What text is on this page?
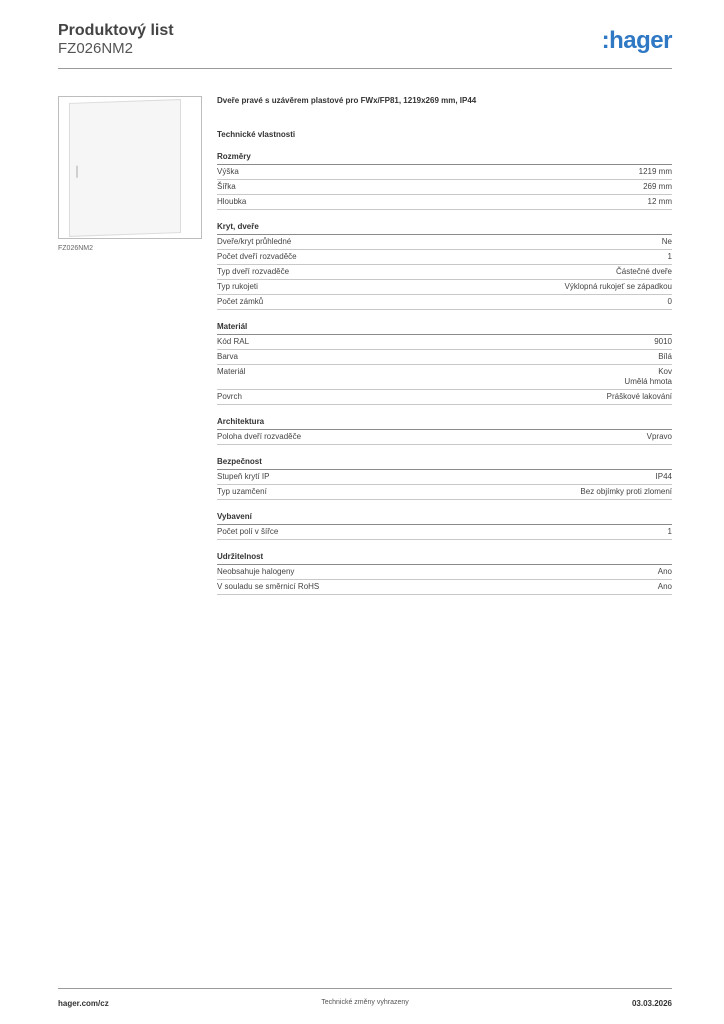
Produktový list
FZ026NM2	:hager
FZ026NM2
Dveře pravé s uzávěrem plastové pro FWx/FP81, 1219x269 mm, IP44
Technické vlastnosti
Rozměry
Výška	1219 mm
Šířka	269 mm
Hloubka	12 mm
Kryt, dveře
Dveře/kryt průhledné	Ne
Počet dveří rozvaděče	1
Typ dveří rozvaděče	Částečné dveře
Typ rukojeti	Výklopná rukojeť se západkou
Počet zámků	0
Materiál
Kód RAL	9010
Barva	Bílá
Materiál	Kov
Umělá hmota
Povrch	Práškové lakování
Architektura
Poloha dveří rozvaděče	Vpravo
Bezpečnost
Stupeň krytí IP	IP44
Typ uzamčení	Bez objímky proti zlomení
Vybavení
Počet polí v šířce	1
Udržitelnost
Neobsahuje halogeny	Ano
V souladu se směrnicí RoHS	Ano
hager.com/cz	Technické změny vyhrazeny	03.03.2026
